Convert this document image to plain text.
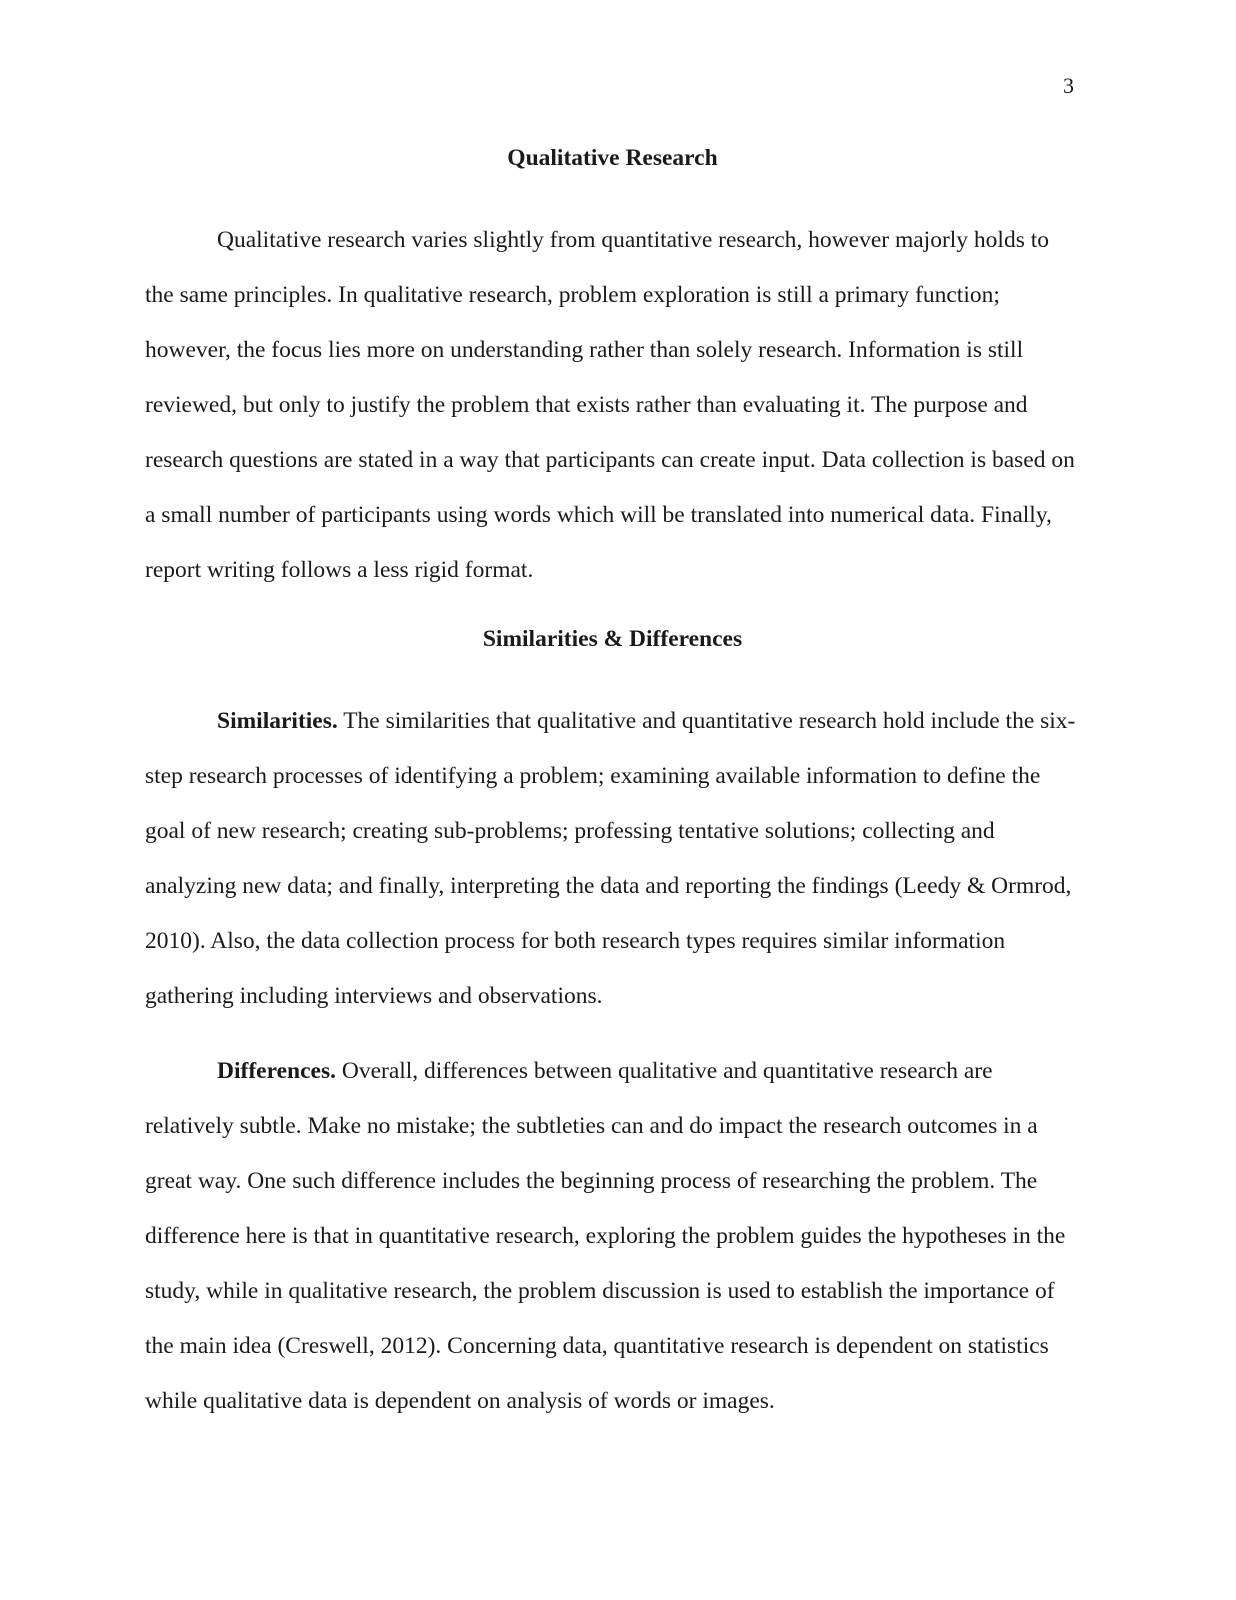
3
Qualitative Research

Qualitative research varies slightly from quantitative research, however majorly holds to the same principles. In qualitative research, problem exploration is still a primary function; however, the focus lies more on understanding rather than solely research. Information is still reviewed, but only to justify the problem that exists rather than evaluating it. The purpose and research questions are stated in a way that participants can create input. Data collection is based on a small number of participants using words which will be translated into numerical data. Finally, report writing follows a less rigid format.

Similarities & Differences

Similarities. The similarities that qualitative and quantitative research hold include the six-step research processes of identifying a problem; examining available information to define the goal of new research; creating sub-problems; professing tentative solutions; collecting and analyzing new data; and finally, interpreting the data and reporting the findings (Leedy & Ormrod, 2010). Also, the data collection process for both research types requires similar information gathering including interviews and observations.

Differences. Overall, differences between qualitative and quantitative research are relatively subtle. Make no mistake; the subtleties can and do impact the research outcomes in a great way. One such difference includes the beginning process of researching the problem. The difference here is that in quantitative research, exploring the problem guides the hypotheses in the study, while in qualitative research, the problem discussion is used to establish the importance of the main idea (Creswell, 2012). Concerning data, quantitative research is dependent on statistics while qualitative data is dependent on analysis of words or images.
